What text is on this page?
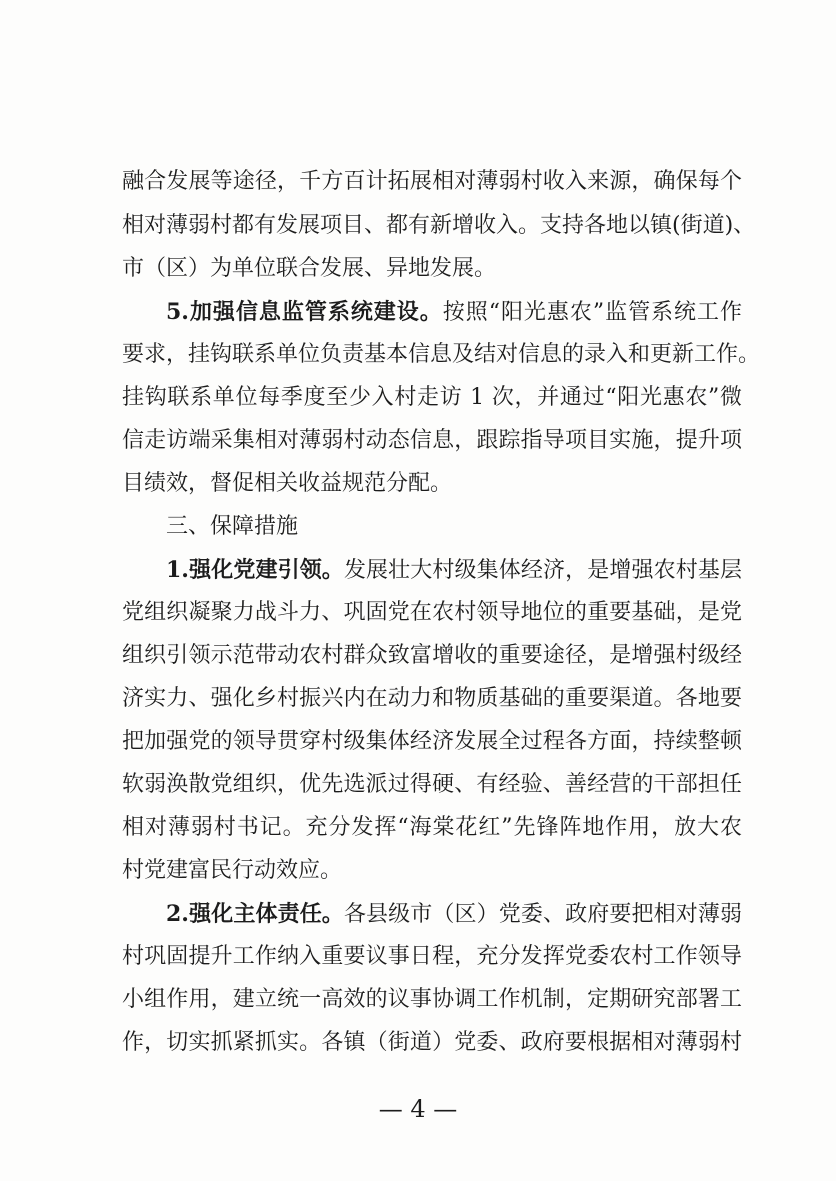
融合发展等途径，千方百计拓展相对薄弱村收入来源，确保每个
相对薄弱村都有发展项目、都有新增收入。支持各地以镇(街道)、
市（区）为单位联合发展、异地发展。
5.加强信息监管系统建设。按照“阳光惠农”监管系统工作
要求，挂钩联系单位负责基本信息及结对信息的录入和更新工作。
挂钩联系单位每季度至少入村走访 1 次，并通过“阳光惠农”微
信走访端采集相对薄弱村动态信息，跟踪指导项目实施，提升项
目绩效，督促相关收益规范分配。
三、保障措施
1.强化党建引领。发展壮大村级集体经济，是增强农村基层
党组织凝聚力战斗力、巩固党在农村领导地位的重要基础，是党
组织引领示范带动农村群众致富增收的重要途径，是增强村级经
济实力、强化乡村振兴内在动力和物质基础的重要渠道。各地要
把加强党的领导贯穿村级集体经济发展全过程各方面，持续整顿
软弱涣散党组织，优先选派过得硬、有经验、善经营的干部担任
相对薄弱村书记。充分发挥“海棠花红”先锋阵地作用，放大农
村党建富民行动效应。
2.强化主体责任。各县级市（区）党委、政府要把相对薄弱
村巩固提升工作纳入重要议事日程，充分发挥党委农村工作领导
小组作用，建立统一高效的议事协调工作机制，定期研究部署工
作，切实抓紧抓实。各镇（街道）党委、政府要根据相对薄弱村
— 4 —
